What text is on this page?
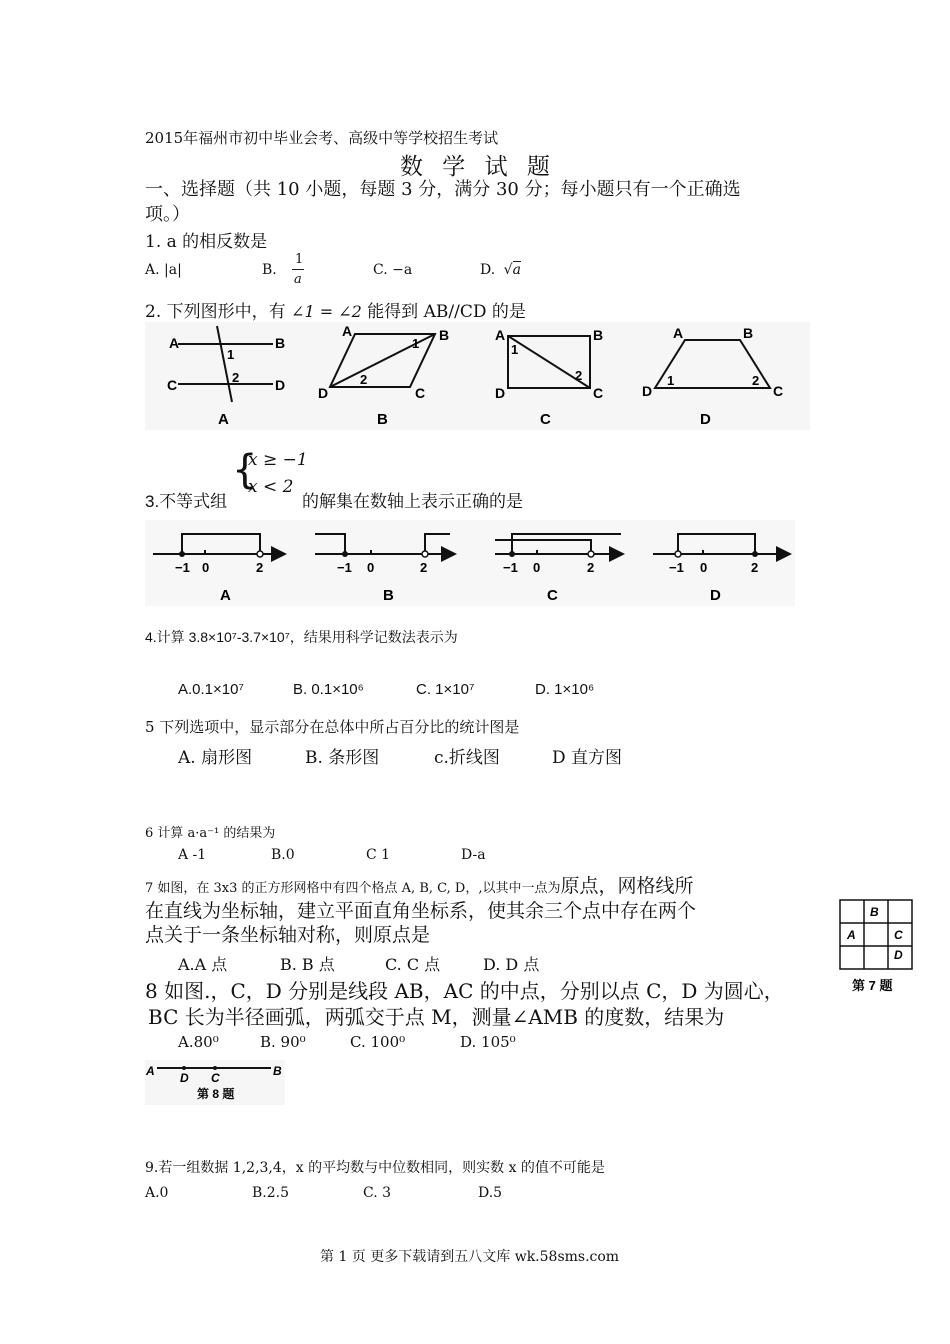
2015年福州市初中毕业会考、高级中等学校招生考试
数 学 试 题
一、选择题（共 10 小题，每题 3 分，满分 30 分；每小题只有一个正确选
项。）
1. a 的相反数是
A. |a|	B.
1
a
C. −a	D. √a
2. 下列图形中，有 ∠1 = ∠2 能得到 AB//CD 的是
A	B
C	D
1
2
A
A	B
C
D
1
2
B
A	B
C
D
1
2
C
A	B
C
D
1	2
D
{
x ≥ −1
x < 2
3.不等式组	的解集在数轴上表示正确的是
−1 0	2
A
−1 0	2
B
−1 0	2
C
−1 0	2
D
4.计算 3.8×10⁷-3.7×10⁷，结果用科学记数法表示为
A.0.1×10⁷	B. 0.1×10⁶	C. 1×10⁷	D. 1×10⁶
5 下列选项中，显示部分在总体中所占百分比的统计图是
A. 扇形图	B. 条形图	c.折线图	D 直方图
6 计算 a·a⁻¹ 的结果为
A -1	B.0	C 1	D-a
7 如图，在 3x3 的正方形网格中有四个格点 A, B, C, D，,以其中一点为原点，网格线所
在直线为坐标轴，建立平面直角坐标系，使其余三个点中存在两个
点关于一条坐标轴对称，则原点是
A.A 点	B. B 点	C. C 点	D. D 点
B
A	C
D
第 7 题
8 如图.，C，D 分别是线段 AB，AC 的中点，分别以点 C，D 为圆心，
BC 长为半径画弧，两弧交于点 M，测量∠AMB 的度数，结果为
A.80⁰	B. 90⁰	C. 100⁰	D. 105⁰
A D C	B
第 8 题
9.若一组数据 1,2,3,4，x 的平均数与中位数相同，则实数 x 的值不可能是
A.0	B.2.5	C. 3	D.5
第 1 页 更多下载请到五八文库 wk.58sms.com
